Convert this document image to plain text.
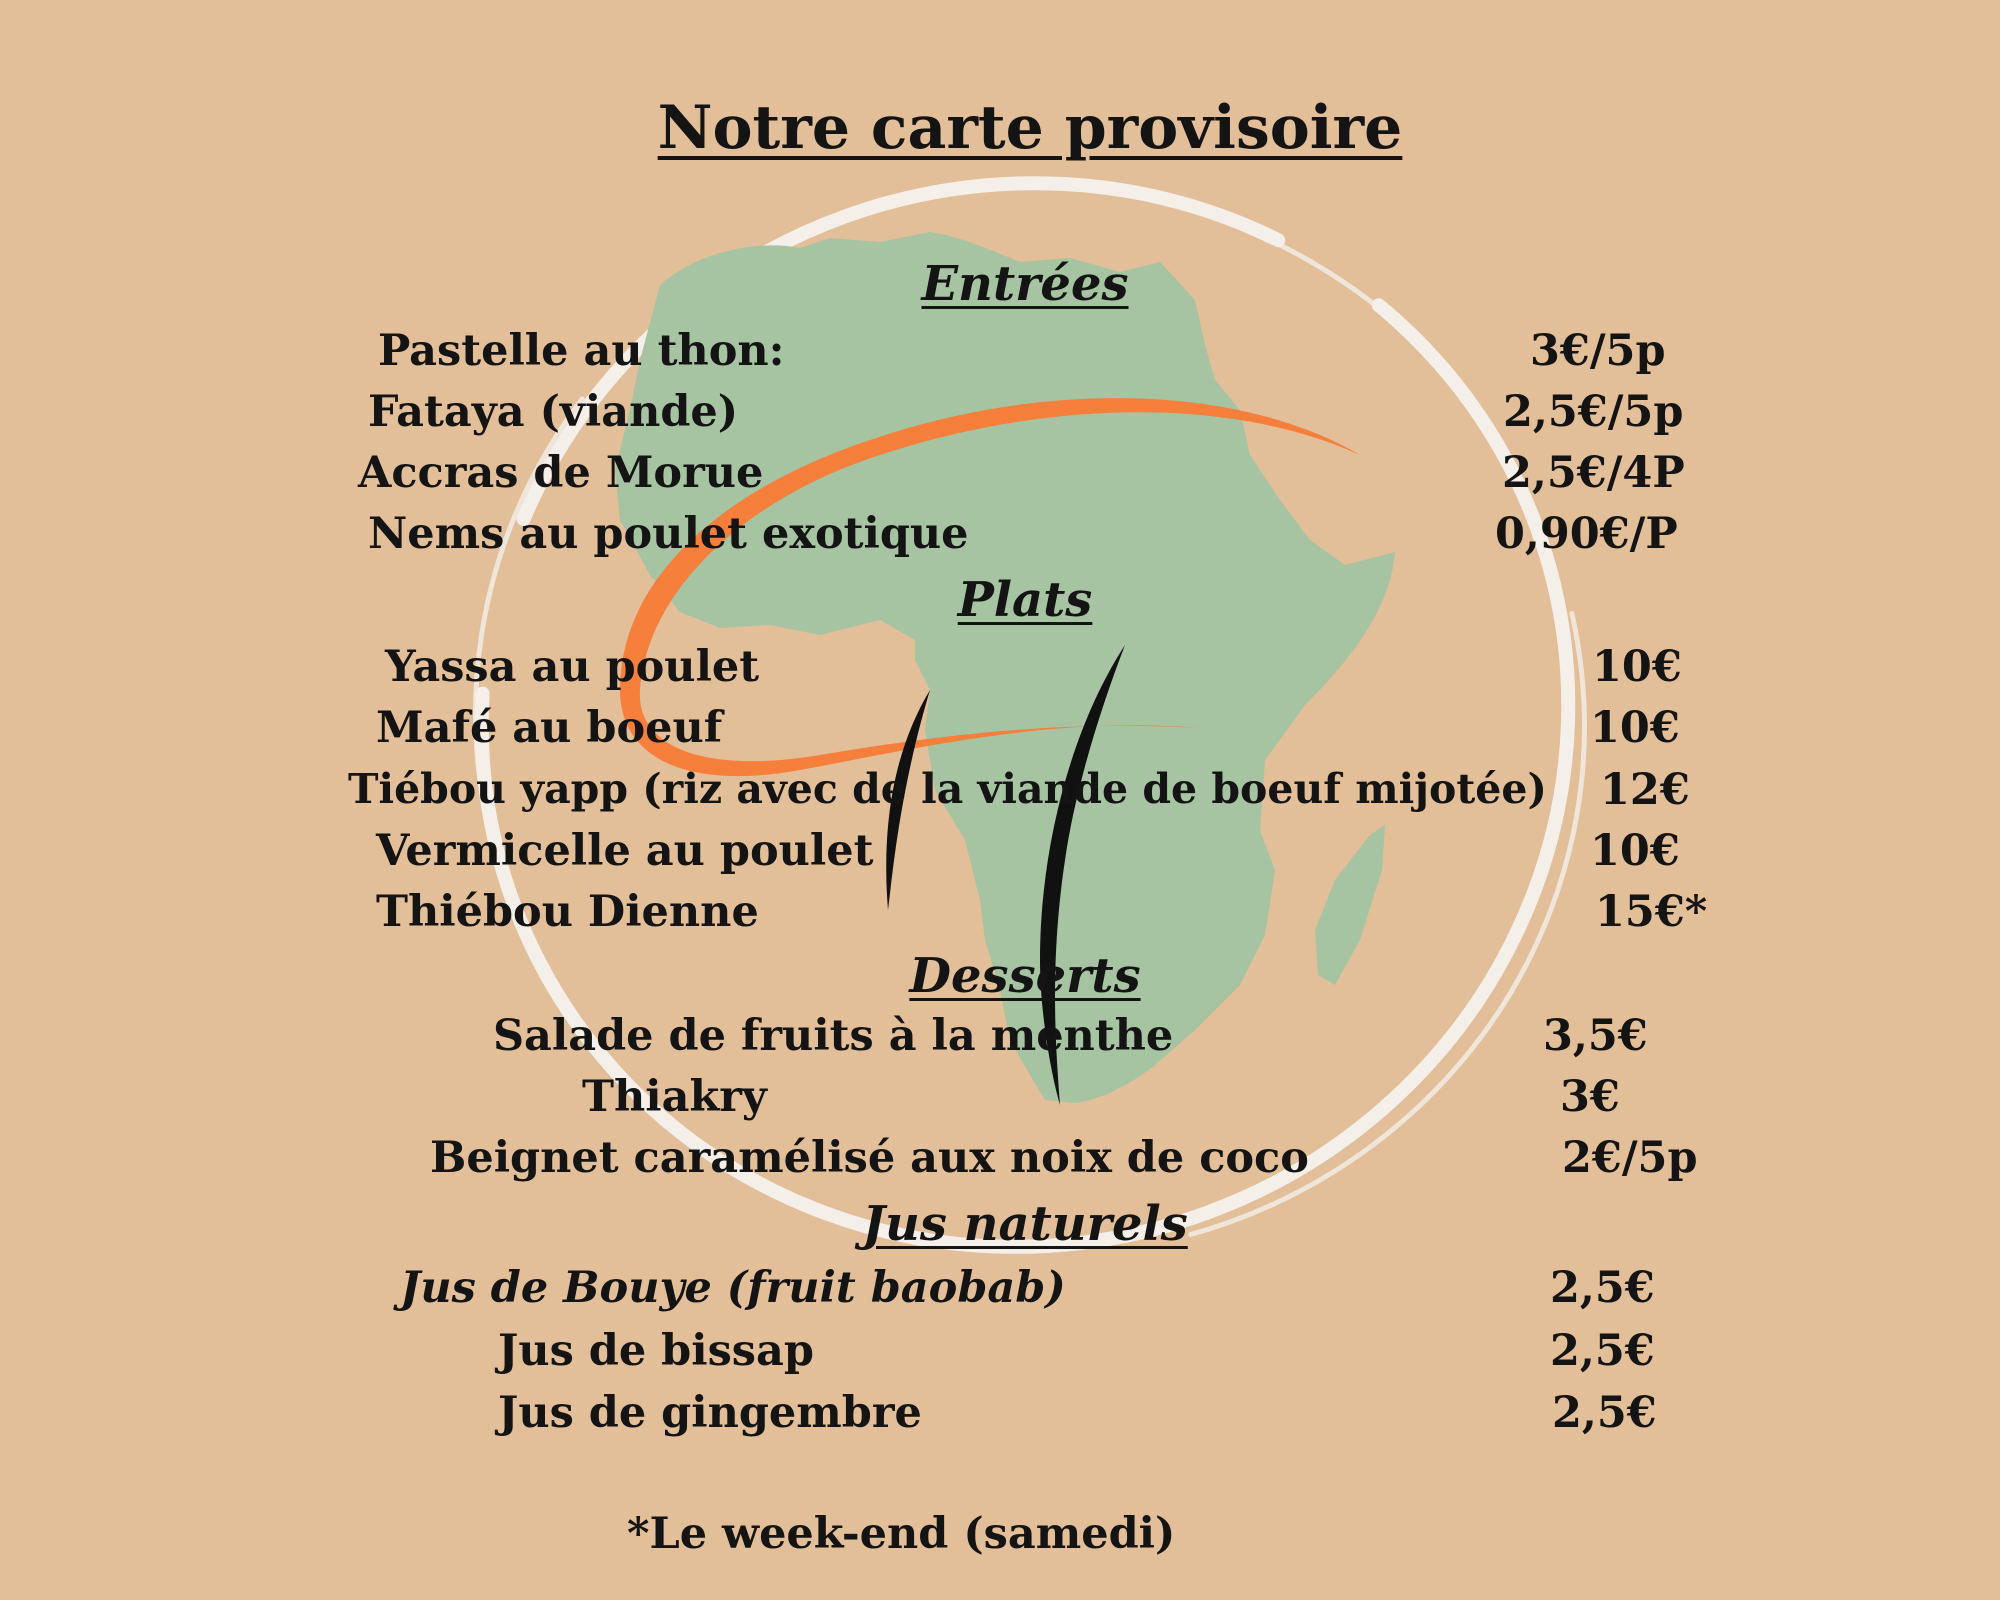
Notre carte provisoire
Entrées
Pastelle au thon:	3€/5p
Fataya (viande)	2,5€/5p
Accras de Morue	2,5€/4P
Nems au poulet exotique	0,90€/P
Plats
Yassa au poulet	10€
Mafé au boeuf	10€
Tiébou yapp (riz avec de la viande de boeuf mijotée) 12€
Vermicelle au poulet	10€
Thiébou Dienne	15€*
Desserts
Salade de fruits à la menthe	3,5€
Thiakry	3€
Beignet caramélisé aux noix de coco	2€/5p
Jus naturels
Jus de Bouye (fruit baobab)	2,5€
Jus de bissap	2,5€
Jus de gingembre	2,5€
*Le week-end (samedi)
